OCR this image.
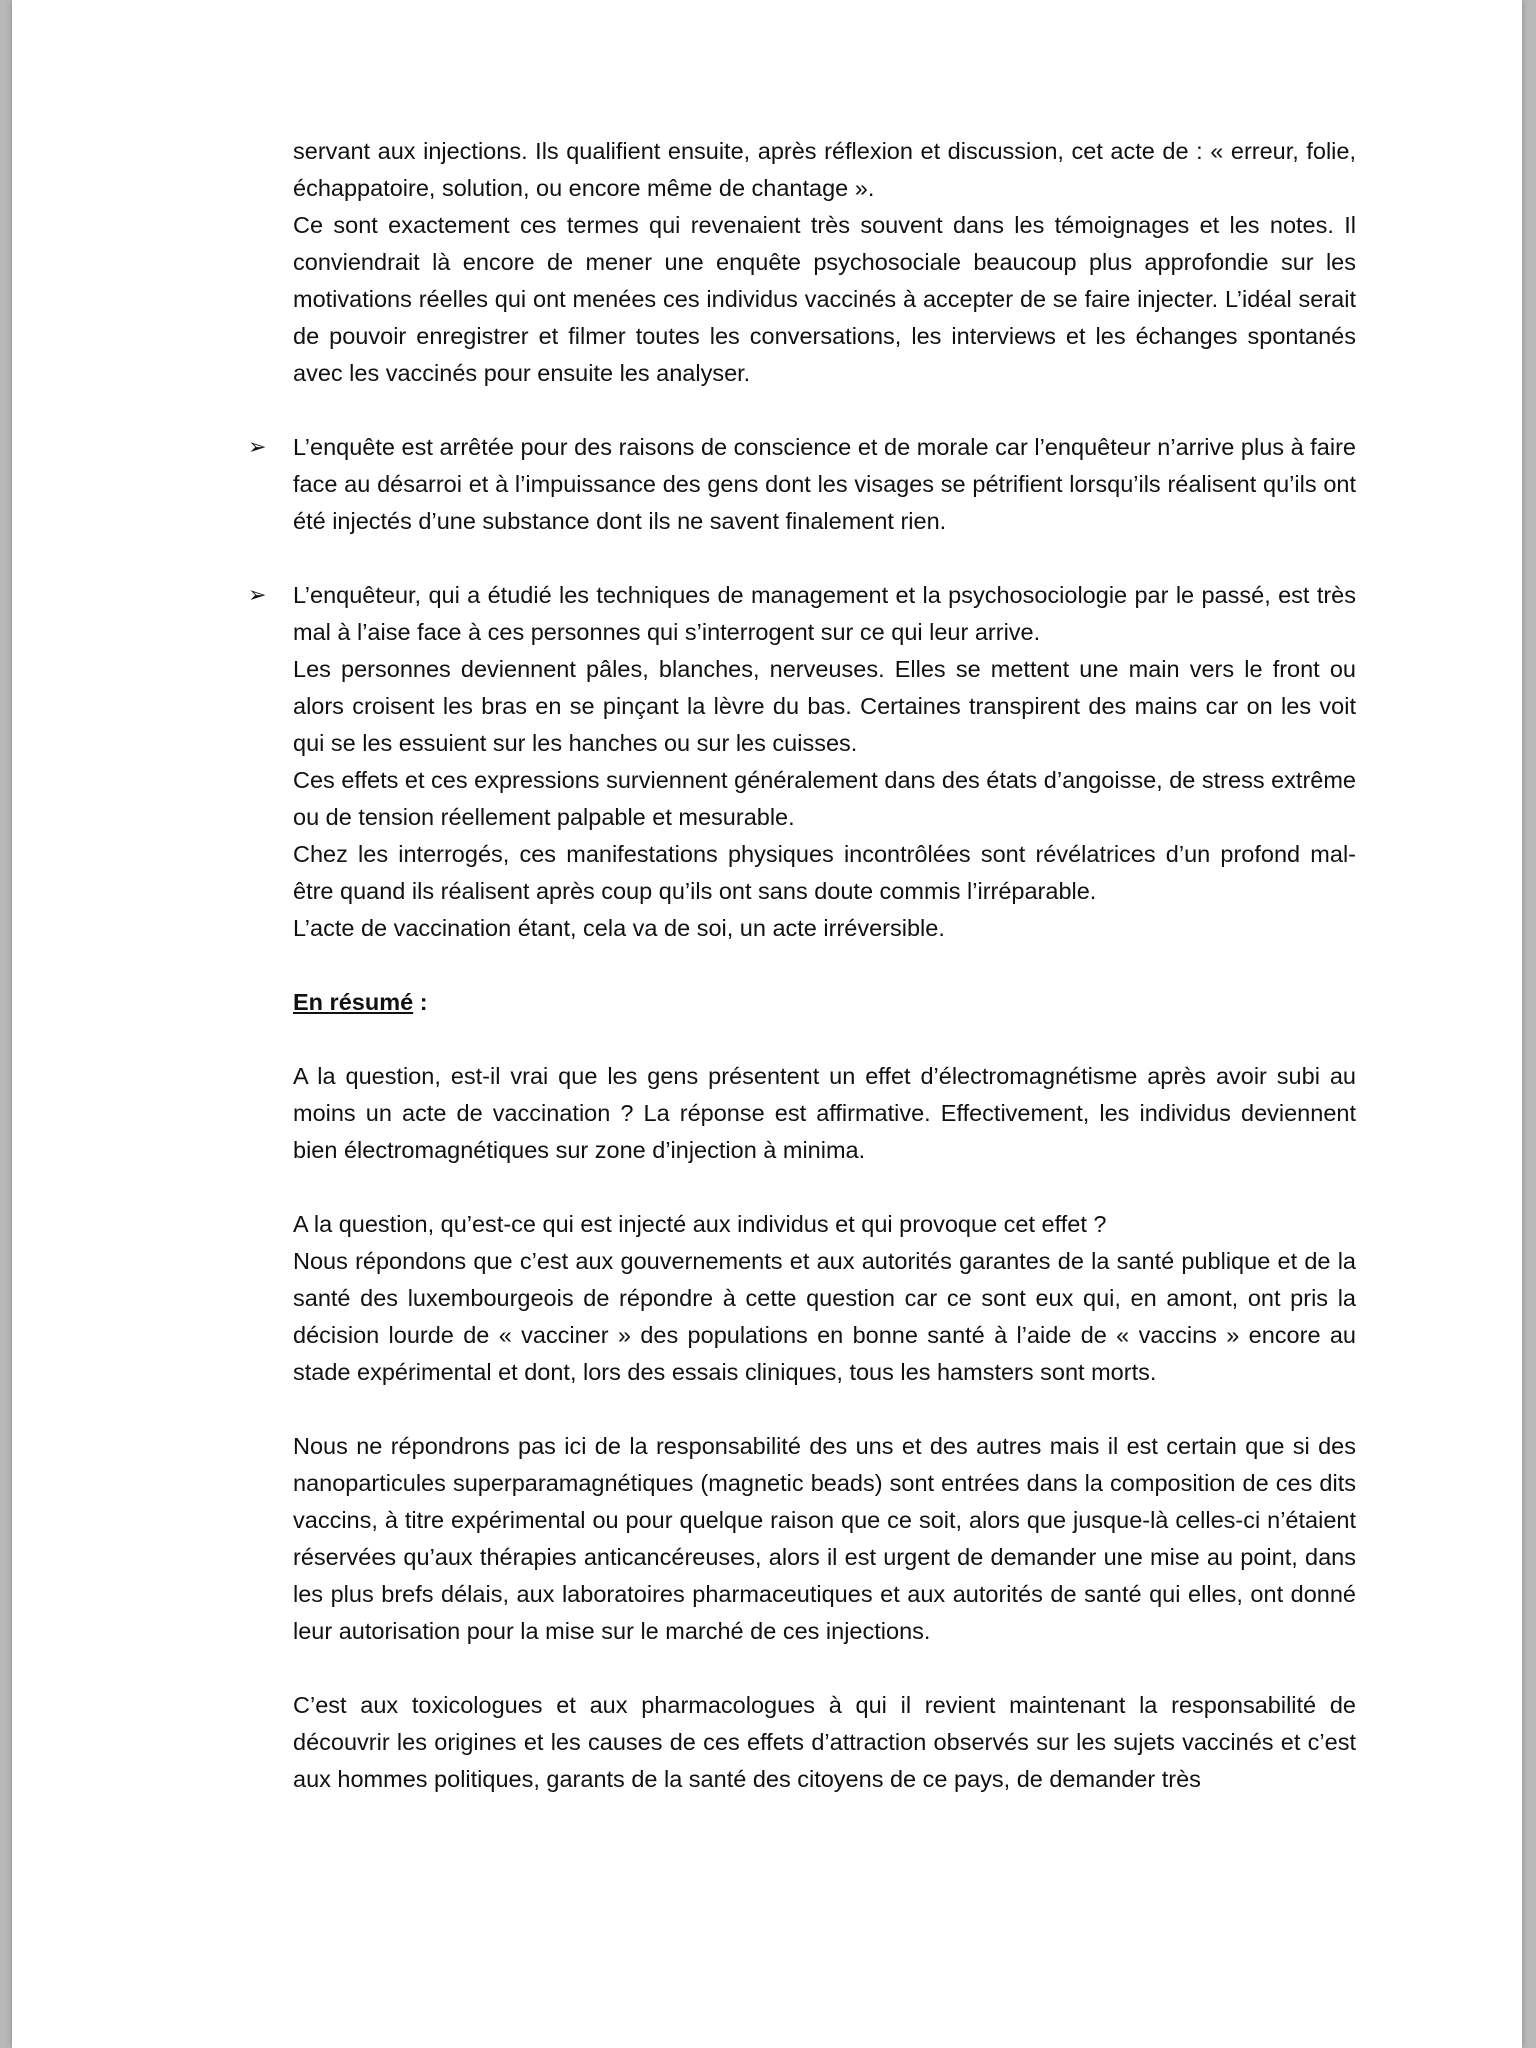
servant aux injections. Ils qualifient ensuite, après réflexion et discussion, cet acte de : « erreur, folie, échappatoire, solution, ou encore même de chantage ».

Ce sont exactement ces termes qui revenaient très souvent dans les témoignages et les notes. Il conviendrait là encore de mener une enquête psychosociale beaucoup plus approfondie sur les motivations réelles qui ont menées ces individus vaccinés à accepter de se faire injecter. L’idéal serait de pouvoir enregistrer et filmer toutes les conversations, les interviews et les échanges spontanés avec les vaccinés pour ensuite les analyser.

➢ L’enquête est arrêtée pour des raisons de conscience et de morale car l’enquêteur n’arrive plus à faire face au désarroi et à l’impuissance des gens dont les visages se pétrifient lorsqu’ils réalisent qu’ils ont été injectés d’une substance dont ils ne savent finalement rien.

➢ L’enquêteur, qui a étudié les techniques de management et la psychosociologie par le passé, est très mal à l’aise face à ces personnes qui s’interrogent sur ce qui leur arrive.

Les personnes deviennent pâles, blanches, nerveuses. Elles se mettent une main vers le front ou alors croisent les bras en se pinçant la lèvre du bas. Certaines transpirent des mains car on les voit qui se les essuient sur les hanches ou sur les cuisses.

Ces effets et ces expressions surviennent généralement dans des états d’angoisse, de stress extrême ou de tension réellement palpable et mesurable.

Chez les interrogés, ces manifestations physiques incontrôlées sont révélatrices d’un profond mal-être quand ils réalisent après coup qu’ils ont sans doute commis l’irréparable.

L’acte de vaccination étant, cela va de soi, un acte irréversible.

En résumé :

A la question, est-il vrai que les gens présentent un effet d’électromagnétisme après avoir subi au moins un acte de vaccination ? La réponse est affirmative. Effectivement, les individus deviennent bien électromagnétiques sur zone d’injection à minima.

A la question, qu’est-ce qui est injecté aux individus et qui provoque cet effet ?

Nous répondons que c’est aux gouvernements et aux autorités garantes de la santé publique et de la santé des luxembourgeois de répondre à cette question car ce sont eux qui, en amont, ont pris la décision lourde de « vacciner » des populations en bonne santé à l’aide de « vaccins » encore au stade expérimental et dont, lors des essais cliniques, tous les hamsters sont morts.

Nous ne répondrons pas ici de la responsabilité des uns et des autres mais il est certain que si des nanoparticules superparamagnétiques (magnetic beads) sont entrées dans la composition de ces dits vaccins, à titre expérimental ou pour quelque raison que ce soit, alors que jusque-là celles-ci n’étaient réservées qu’aux thérapies anticancéreuses, alors il est urgent de demander une mise au point, dans les plus brefs délais, aux laboratoires pharmaceutiques et aux autorités de santé qui elles, ont donné leur autorisation pour la mise sur le marché de ces injections.

C’est aux toxicologues et aux pharmacologues à qui il revient maintenant la responsabilité de découvrir les origines et les causes de ces effets d’attraction observés sur les sujets vaccinés et c’est aux hommes politiques, garants de la santé des citoyens de ce pays, de demander très
